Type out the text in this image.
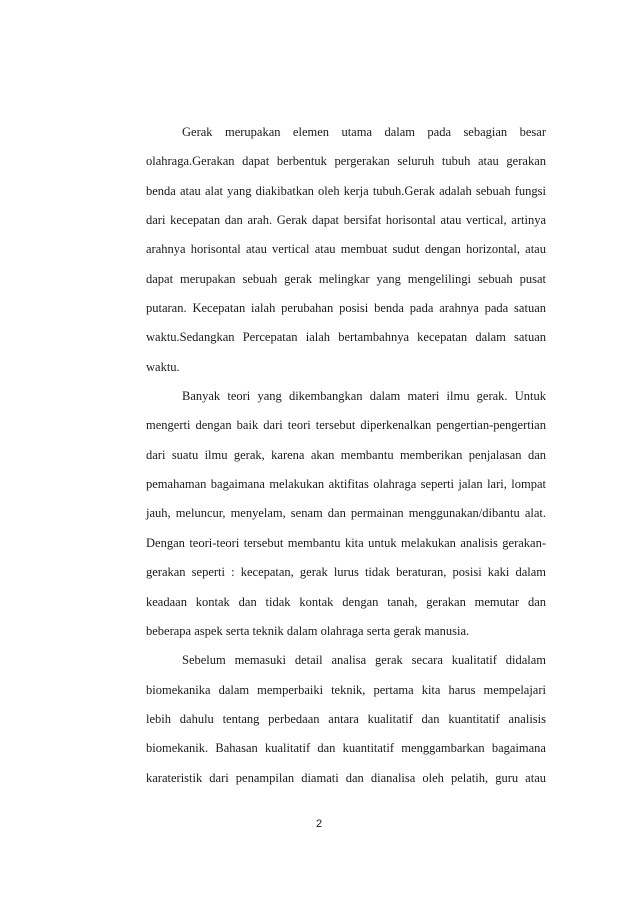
Gerak merupakan elemen utama dalam pada sebagian besar
olahraga.Gerakan dapat berbentuk pergerakan seluruh tubuh atau gerakan
benda atau alat yang diakibatkan oleh kerja tubuh.Gerak adalah sebuah fungsi
dari kecepatan dan arah. Gerak dapat bersifat horisontal atau vertical, artinya
arahnya horisontal atau vertical atau membuat sudut dengan horizontal, atau
dapat merupakan sebuah gerak melingkar yang mengelilingi sebuah pusat
putaran. Kecepatan ialah perubahan posisi benda pada arahnya pada satuan
waktu.Sedangkan Percepatan ialah bertambahnya kecepatan dalam satuan
waktu.
Banyak teori yang dikembangkan dalam materi ilmu gerak. Untuk
mengerti dengan baik dari teori tersebut diperkenalkan pengertian-pengertian
dari suatu ilmu gerak, karena akan membantu memberikan penjalasan dan
pemahaman bagaimana melakukan aktifitas olahraga seperti jalan lari, lompat
jauh, meluncur, menyelam, senam dan permainan menggunakan/dibantu alat.
Dengan teori-teori tersebut membantu kita untuk melakukan analisis gerakan-
gerakan seperti : kecepatan, gerak lurus tidak beraturan, posisi kaki dalam
keadaan kontak dan tidak kontak dengan tanah, gerakan memutar dan
beberapa aspek serta teknik dalam olahraga serta gerak manusia.
Sebelum memasuki detail analisa gerak secara kualitatif didalam
biomekanika dalam memperbaiki teknik, pertama kita harus mempelajari
lebih dahulu tentang perbedaan antara kualitatif dan kuantitatif analisis
biomekanik. Bahasan kualitatif dan kuantitatif menggambarkan bagaimana
karateristik dari penampilan diamati dan dianalisa oleh pelatih, guru atau
2
